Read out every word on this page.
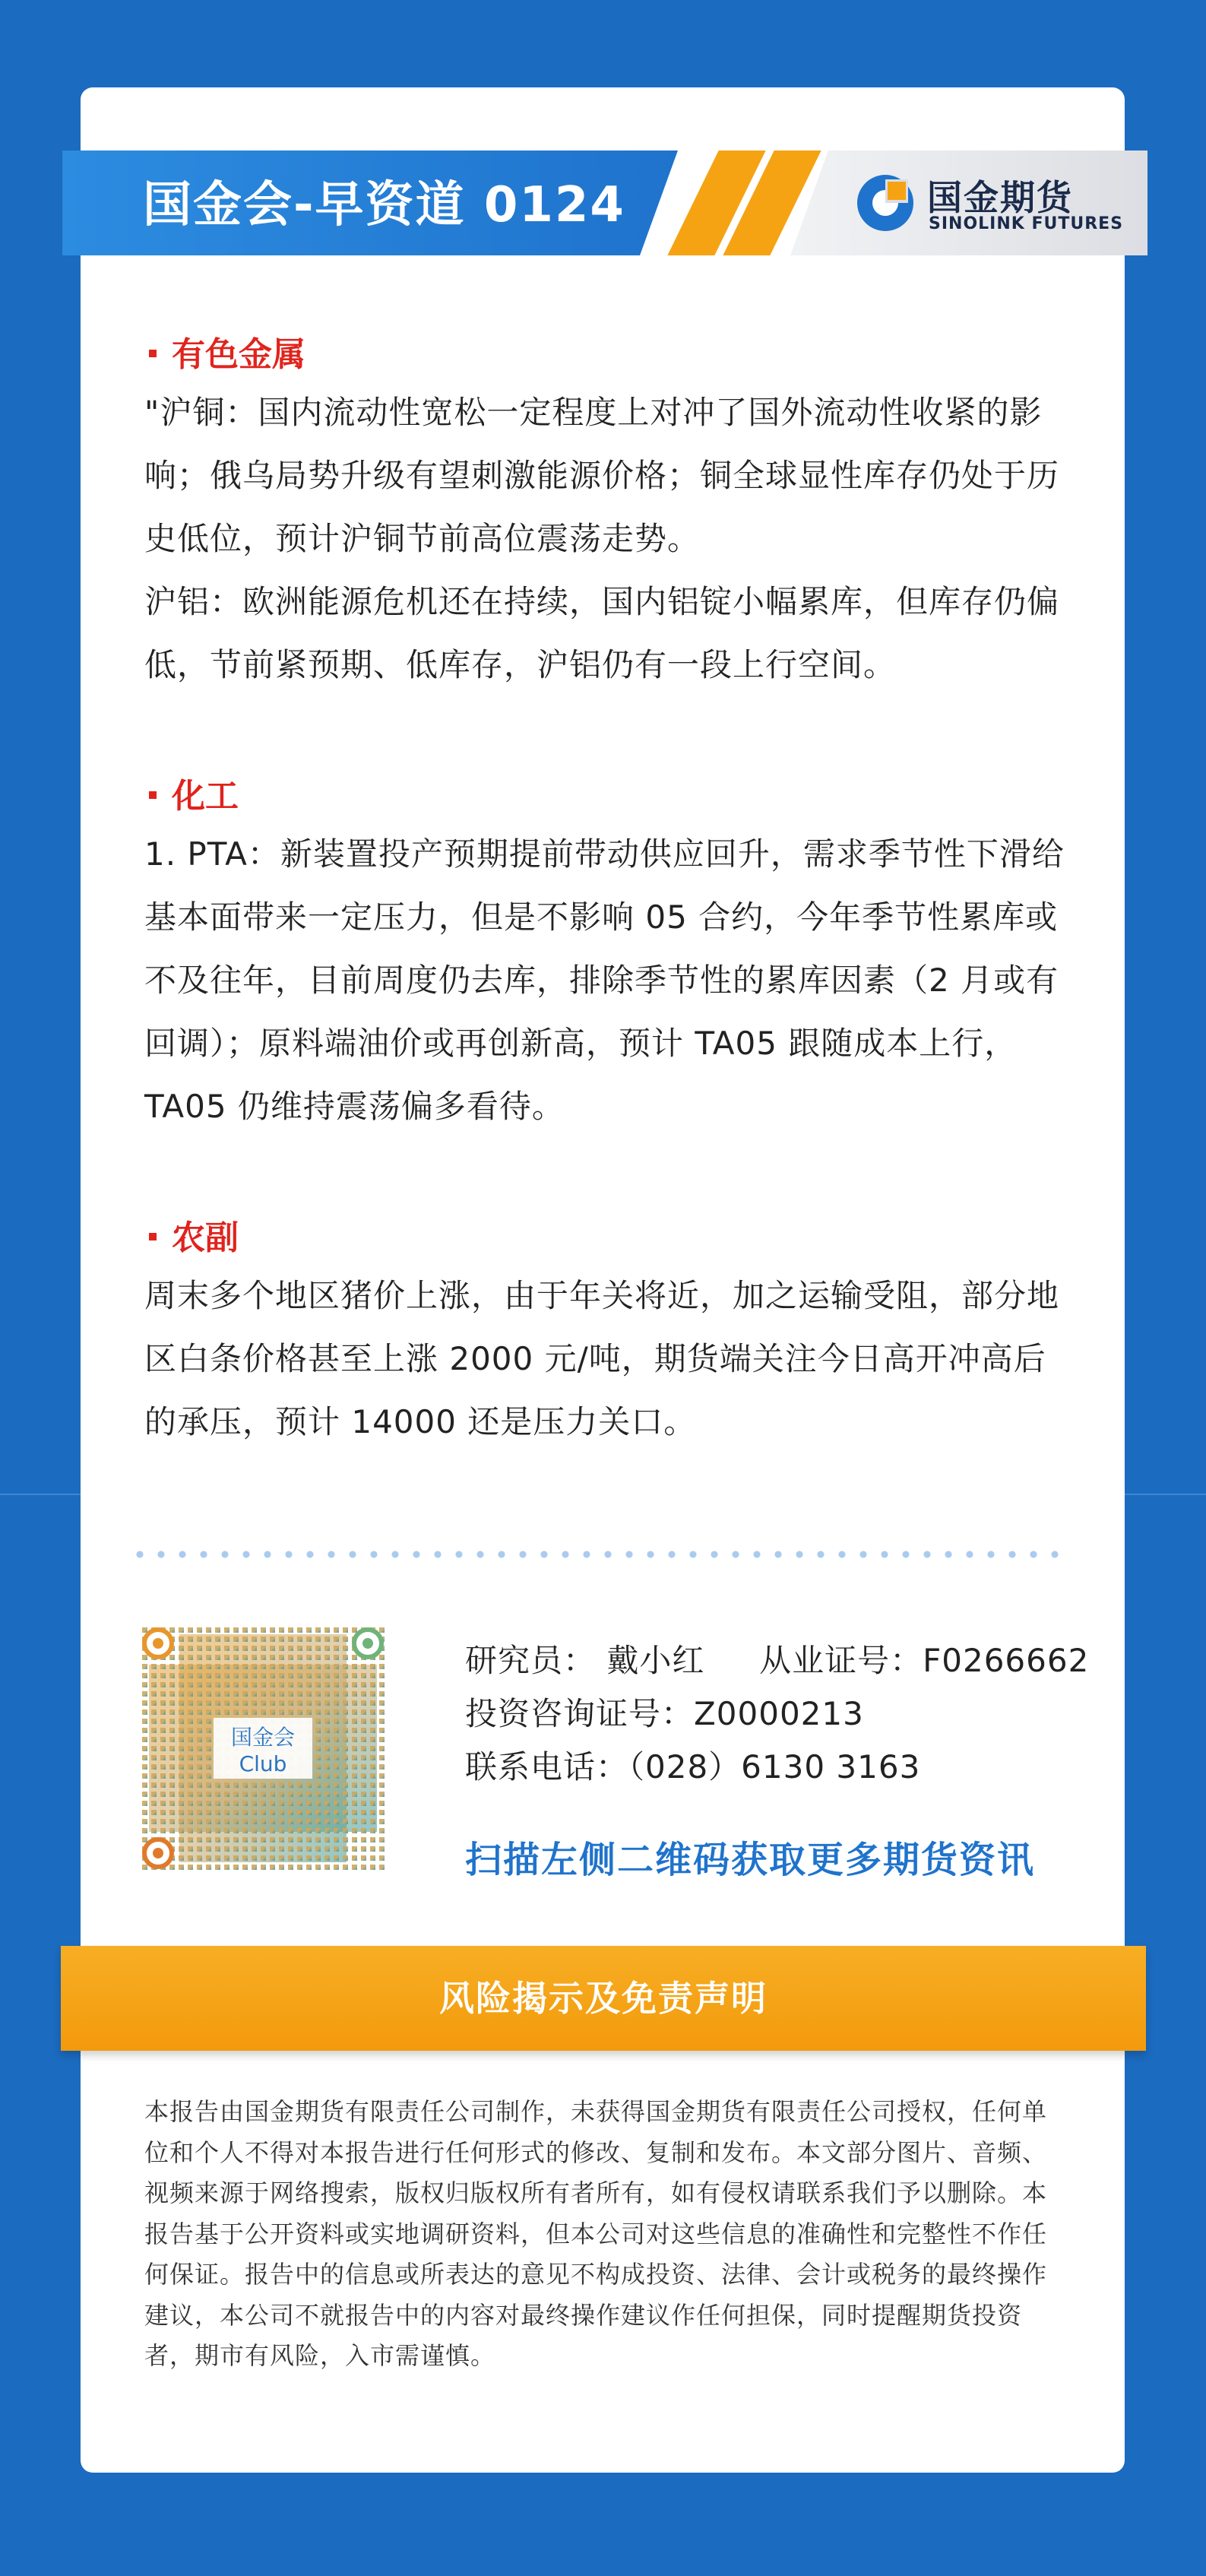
国金会-早资道 0124	国金期货
SINOLINK FUTURES
有色金属

"沪铜：国内流动性宽松一定程度上对冲了国外流动性收紧的影响；俄乌局势升级有望刺激能源价格；铜全球显性库存仍处于历史低位，预计沪铜节前高位震荡走势。

沪铝：欧洲能源危机还在持续，国内铝锭小幅累库，但库存仍偏低，节前紧预期、低库存，沪铝仍有一段上行空间。

化工

1. PTA：新装置投产预期提前带动供应回升，需求季节性下滑给基本面带来一定压力，但是不影响 05 合约，今年季节性累库或不及往年，目前周度仍去库，排除季节性的累库因素（2 月或有回调）；原料端油价或再创新高，预计 TA05 跟随成本上行，TA05 仍维持震荡偏多看待。

农副

周末多个地区猪价上涨，由于年关将近，加之运输受阻，部分地区白条价格甚至上涨 2000 元/吨，期货端关注今日高开冲高后的承压，预计 14000 还是压力关口。

国金会
Club
研究员： 戴小红     从业证号：F0266662
投资咨询证号：Z0000213
联系电话：（028）6130 3163
扫描左侧二维码获取更多期货资讯
风险揭示及免责声明
本报告由国金期货有限责任公司制作，未获得国金期货有限责任公司授权，任何单位和个人不得对本报告进行任何形式的修改、复制和发布。本文部分图片、音频、视频来源于网络搜索，版权归版权所有者所有，如有侵权请联系我们予以删除。本报告基于公开资料或实地调研资料，但本公司对这些信息的准确性和完整性不作任何保证。报告中的信息或所表达的意见不构成投资、法律、会计或税务的最终操作建议，本公司不就报告中的内容对最终操作建议作任何担保，同时提醒期货投资者，期市有风险，入市需谨慎。
